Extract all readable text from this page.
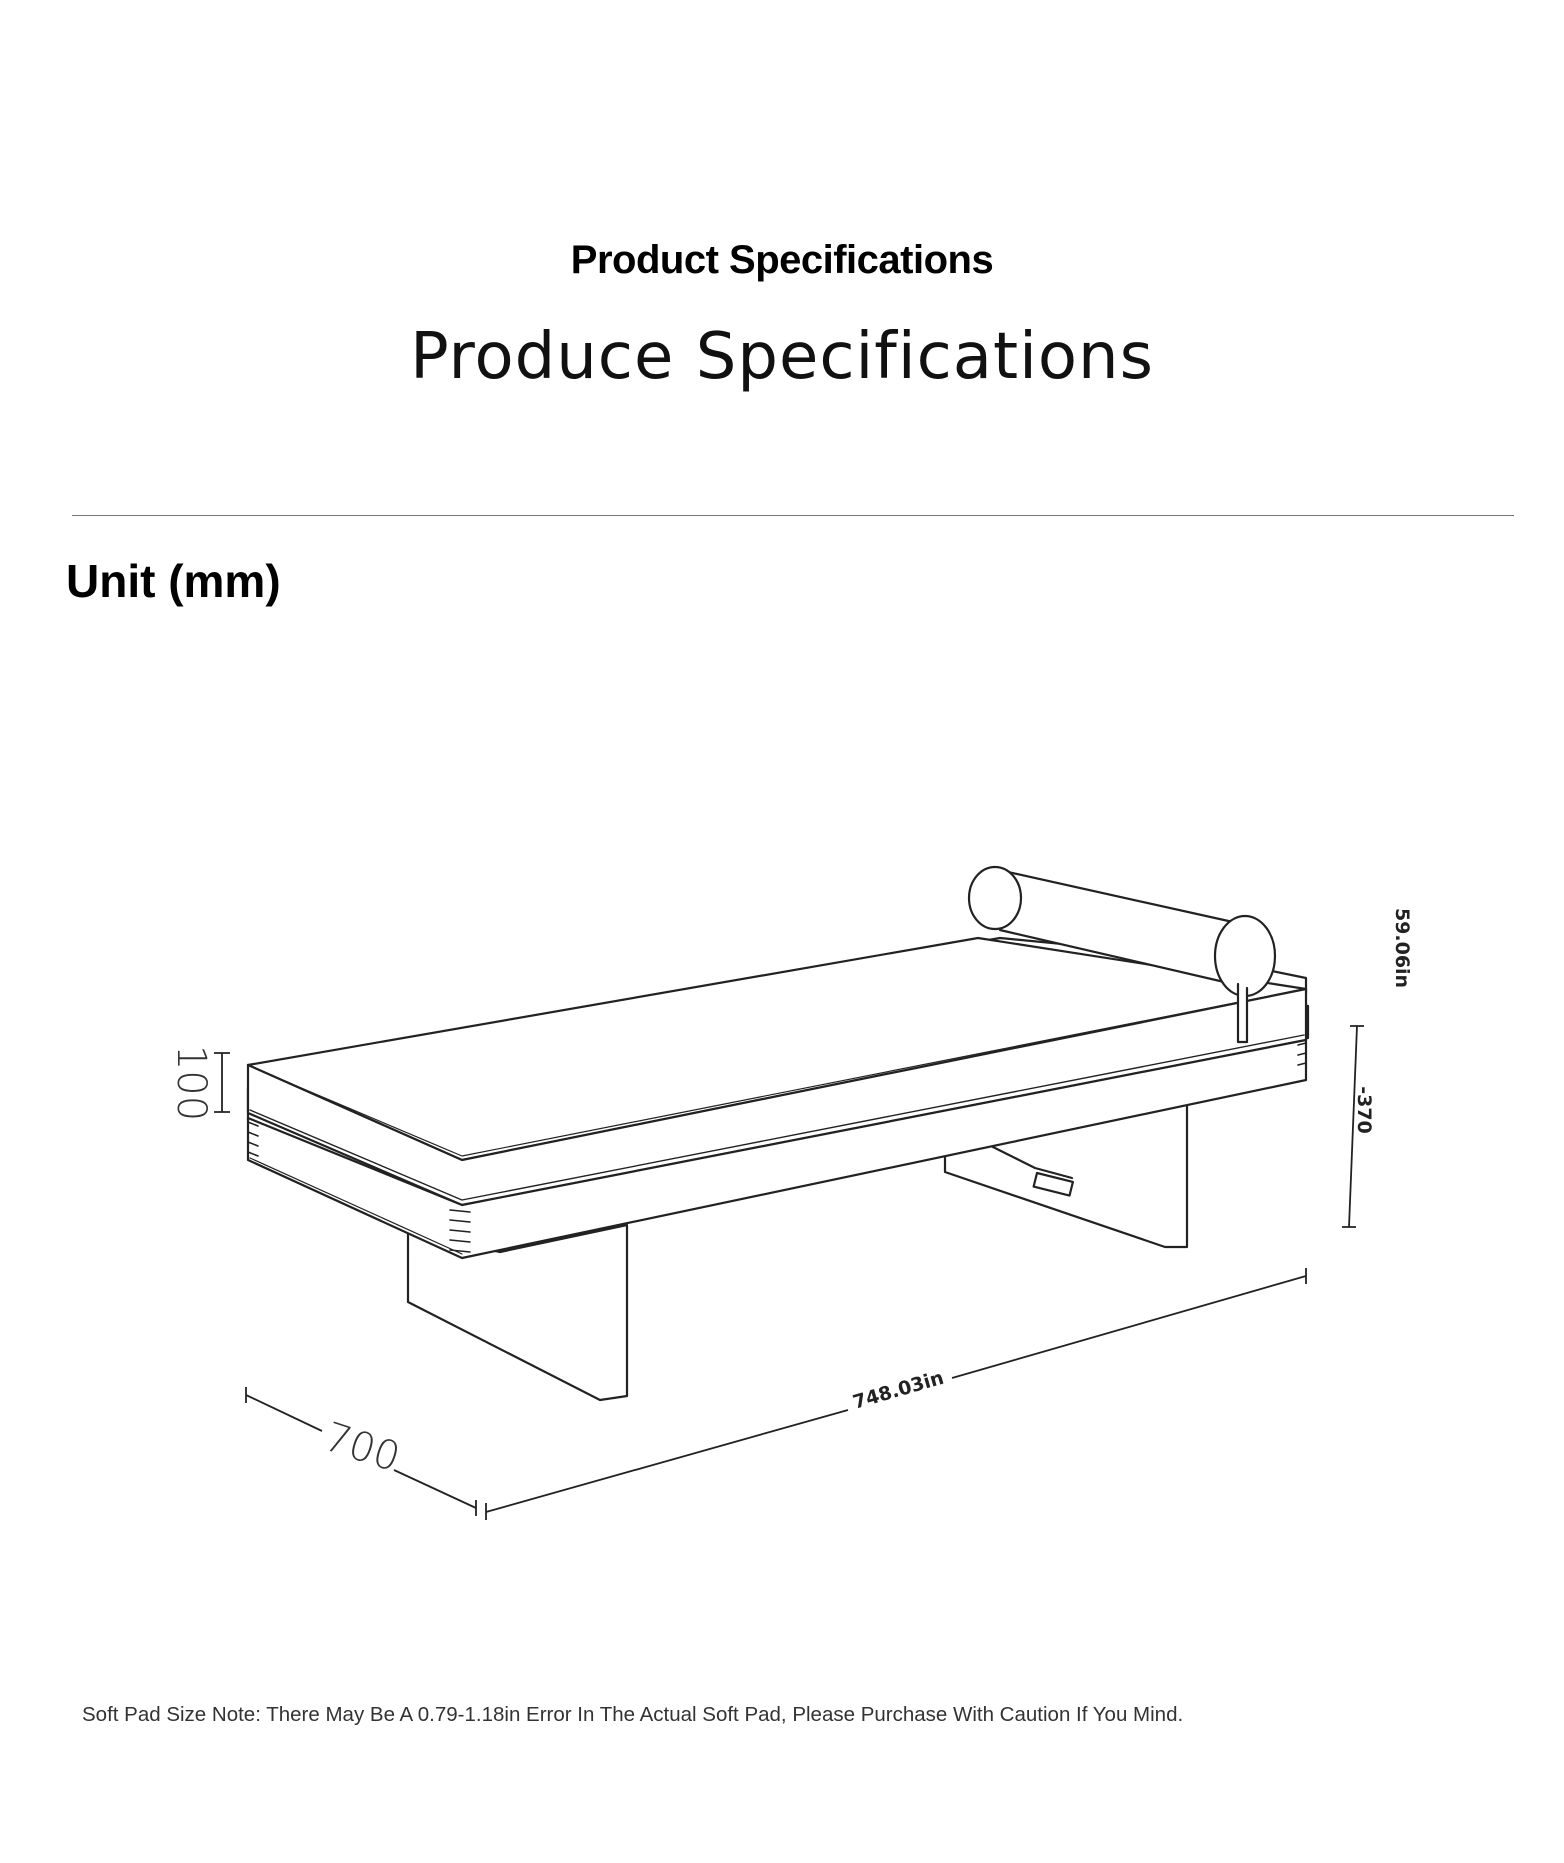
Product Specifications
Produce Specifications
Unit (mm)
100
700
748.03in
59.06in
-370
Soft Pad Size Note: There May Be A 0.79-1.18in Error In The Actual Soft Pad, Please Purchase With Caution If You Mind.
